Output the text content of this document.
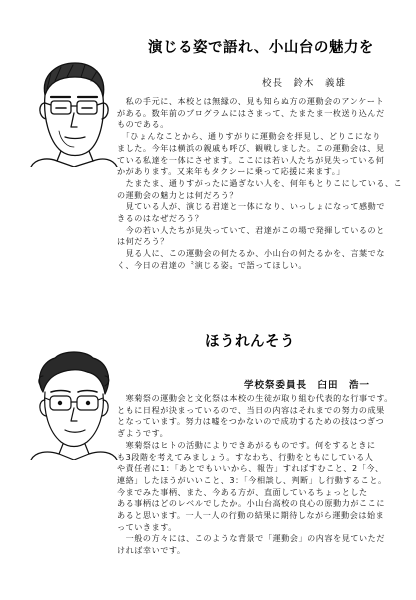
演じる姿で語れ、小山台の魅力を
校長　鈴木　義雄
　私の手元に、本校とは無縁の、見も知らぬ方の運動会のアンケート
がある。数年前のプログラムにはさまって、たまたま一枚送り込んだ
ものである。
　「ひょんなことから、通りすがりに運動会を拝見し、どりこになり
ました。今年は横浜の親戚も呼び、観戦しました。この運動会は、見
ている私達を一体にさせます。ここには若い人たちが見失っている何
かがあります。又来年もタクシーに乗って応援に来ます。」
　たまたま、通りすがったに過ぎない人を、何年もとりこにしている、こ
の運動会の魅力とは何だろう？
　見ている人が、演じる君達と一体になり、いっしょになって感動で
きるのはなぜだろう？
　今の若い人たちが見失っていて、君達がこの場で発揮しているのと
は何だろう？
　見る人に、この運動会の何たるか、小山台の何たるかを、言葉でな
く、今日の君達の〝演じる姿〟で語ってほしい。
ほうれんそう
学校祭委員長　臼田　浩一
　寒菊祭の運動会と文化祭は本校の生徒が取り組む代表的な行事です。
ともに日程が決まっているので、当日の内容はそれまでの努力の成果
となっています。努力は嘘をつかないので成功するための技はつぎつ
ぎようです。
　寒菊祭はヒトの活動によりできあがるものです。何をするときに
も3段階を考えてみましょう。すなわち、行動をともにしている人
や責任者に1：「あとでもいいから、報告」すればすむこと、2「今、
連絡」したほうがいいこと、3：「今相談し、判断」し行動すること。
今までみた事柄、また、今ある方が、直面しているちょっとした
ある事柄はどのレベルでしたか。小山台高校の良心の原動力がここに
あると思います。一人一人の行動の結果に期待しながら運動会は始ま
っていきます。
　一般の方々には、このような背景で「運動会」の内容を見ていただ
ければ幸いです。
